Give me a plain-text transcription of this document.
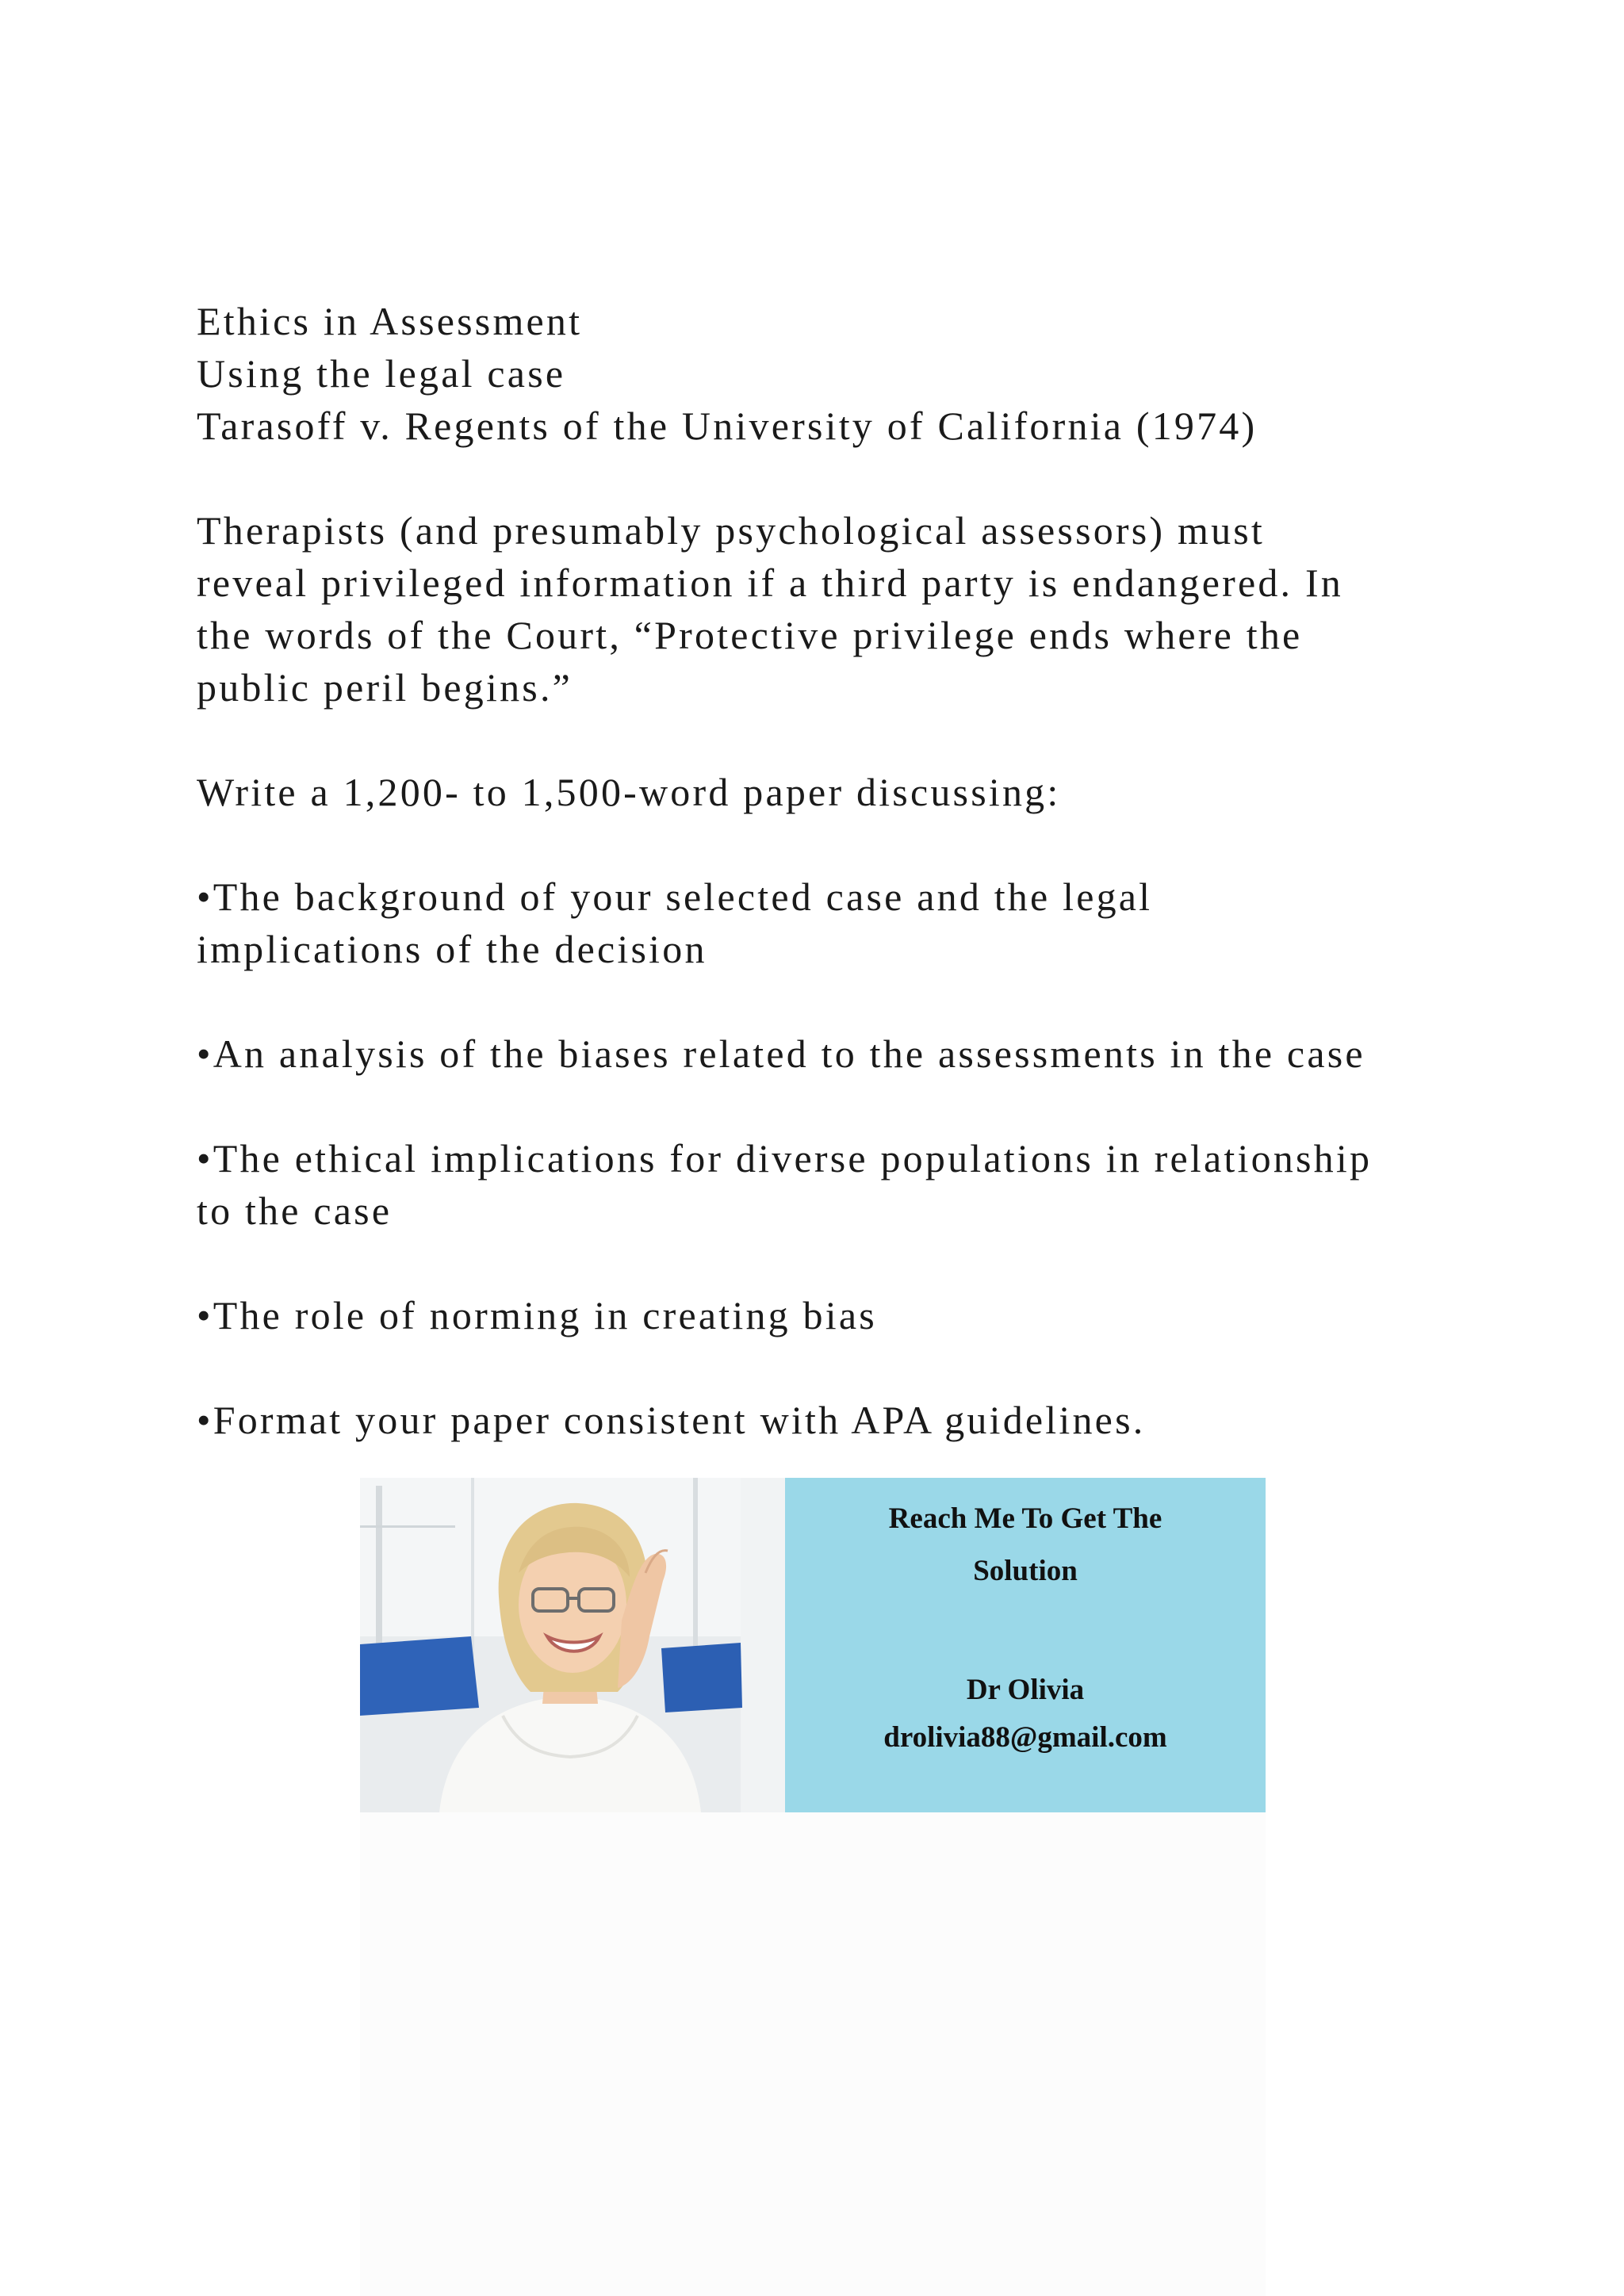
Ethics in Assessment
Using the legal case
Tarasoff v. Regents of the University of California (1974)
Therapists (and presumably psychological assessors) must
reveal privileged information if a third party is endangered. In
the words of the Court, “Protective privilege ends where the
public peril begins.”
Write a 1,200- to 1,500-word paper discussing:
•The background of your selected case and the legal
implications of the decision
•An analysis of the biases related to the assessments in the case
•The ethical implications for diverse populations in relationship
to the case
•The role of norming in creating bias
•Format your paper consistent with APA guidelines.
Reach Me To Get The
Solution
Dr Olivia
drolivia88@gmail.com
